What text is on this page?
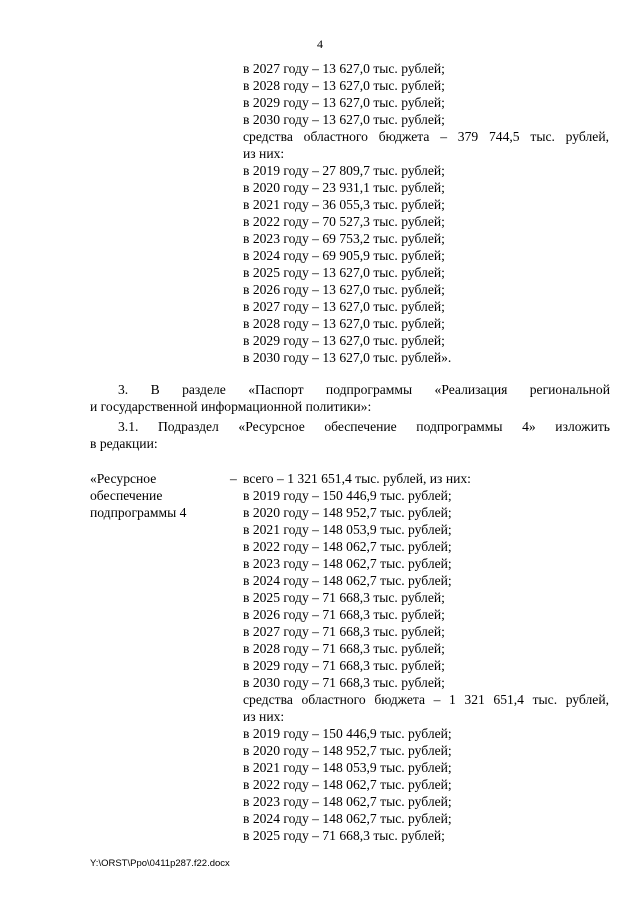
4
в 2027 году – 13 627,0 тыс. рублей;
в 2028 году – 13 627,0 тыс. рублей;
в 2029 году – 13 627,0 тыс. рублей;
в 2030 году – 13 627,0 тыс. рублей;
средства областного бюджета – 379 744,5 тыс. рублей,
из них:
в 2019 году – 27 809,7 тыс. рублей;
в 2020 году – 23 931,1 тыс. рублей;
в 2021 году – 36 055,3 тыс. рублей;
в 2022 году – 70 527,3 тыс. рублей;
в 2023 году – 69 753,2 тыс. рублей;
в 2024 году – 69 905,9 тыс. рублей;
в 2025 году – 13 627,0 тыс. рублей;
в 2026 году – 13 627,0 тыс. рублей;
в 2027 году – 13 627,0 тыс. рублей;
в 2028 году – 13 627,0 тыс. рублей;
в 2029 году – 13 627,0 тыс. рублей;
в 2030 году – 13 627,0 тыс. рублей».
3. В разделе «Паспорт подпрограммы «Реализация региональной
и государственной информационной политики»:
3.1. Подраздел «Ресурсное обеспечение подпрограммы 4» изложить
в редакции:
«Ресурсное
обеспечение
подпрограммы 4
– всего – 1 321 651,4 тыс. рублей, из них:
в 2019 году – 150 446,9 тыс. рублей;
в 2020 году – 148 952,7 тыс. рублей;
в 2021 году – 148 053,9 тыс. рублей;
в 2022 году – 148 062,7 тыс. рублей;
в 2023 году – 148 062,7 тыс. рублей;
в 2024 году – 148 062,7 тыс. рублей;
в 2025 году – 71 668,3 тыс. рублей;
в 2026 году – 71 668,3 тыс. рублей;
в 2027 году – 71 668,3 тыс. рублей;
в 2028 году – 71 668,3 тыс. рублей;
в 2029 году – 71 668,3 тыс. рублей;
в 2030 году – 71 668,3 тыс. рублей;
средства областного бюджета – 1 321 651,4 тыс. рублей,
из них:
в 2019 году – 150 446,9 тыс. рублей;
в 2020 году – 148 952,7 тыс. рублей;
в 2021 году – 148 053,9 тыс. рублей;
в 2022 году – 148 062,7 тыс. рублей;
в 2023 году – 148 062,7 тыс. рублей;
в 2024 году – 148 062,7 тыс. рублей;
в 2025 году – 71 668,3 тыс. рублей;
Y:\ORST\Ppo\0411p287.f22.docx
